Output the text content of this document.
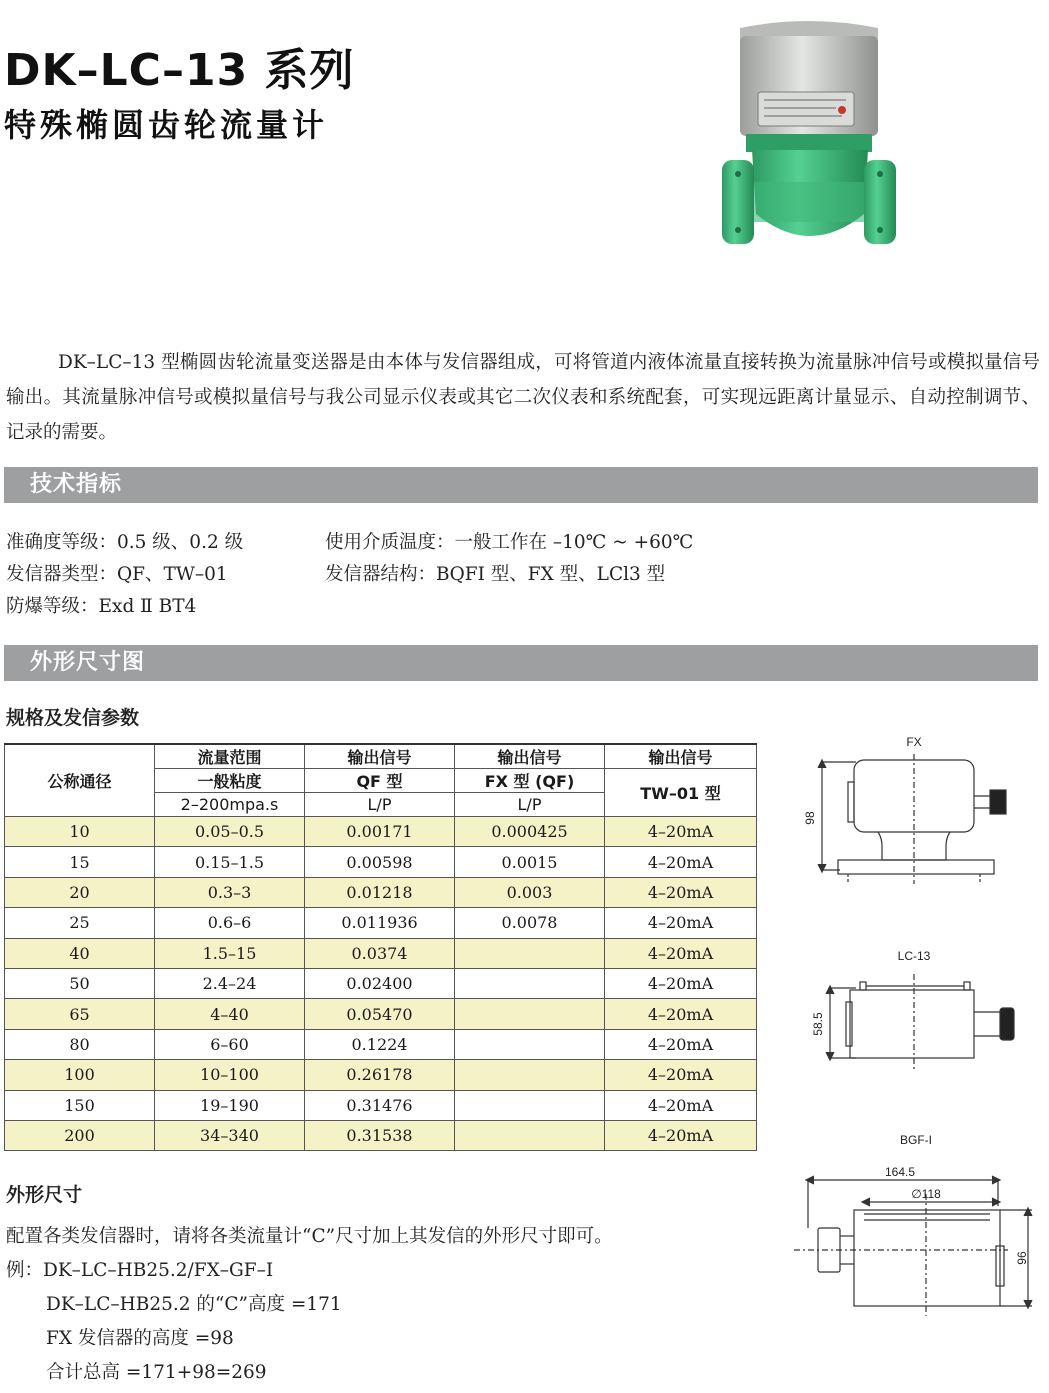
DK–LC–13 系列
特殊椭圆齿轮流量计
DK–LC–13 型椭圆齿轮流量变送器是由本体与发信器组成，可将管道内液体流量直接转换为流量脉冲信号或模拟量信号输出。其流量脉冲信号或模拟量信号与我公司显示仪表或其它二次仪表和系统配套，可实现远距离计量显示、自动控制调节、记录的需要。
技术指标
准确度等级：0.5 级、0.2 级
发信器类型：QF、TW–01
防爆等级：Exd Ⅱ BT4
使用介质温度：一般工作在 –10℃ ~ +60℃
发信器结构：BQFI 型、FX 型、LCl3 型
外形尺寸图
规格及发信参数
公称通径	流量范围	输出信号	输出信号	输出信号
	一般粘度	QF 型	FX 型 (QF)	TW–01 型
	2–200mpa.s	L/P	L/P	
10	0.05–0.5	0.00171	0.000425	4–20mA
15	0.15–1.5	0.00598	0.0015	4–20mA
20	0.3–3	0.01218	0.003	4–20mA
25	0.6–6	0.011936	0.0078	4–20mA
40	1.5–15	0.0374		4–20mA
50	2.4–24	0.02400		4–20mA
65	4–40	0.05470		4–20mA
80	6–60	0.1224		4–20mA
100	10–100	0.26178		4–20mA
150	19–190	0.31476		4–20mA
200	34–340	0.31538		4–20mA
FX
98
LC-13
58.5
BGF-I
164.5
∅118
96
外形尺寸
配置各类发信器时，请将各类流量计“C”尺寸加上其发信的外形尺寸即可。
例：DK–LC–HB25.2/FX–GF–I
DK–LC–HB25.2 的“C”高度 =171
FX 发信器的高度 =98
合计总高 =171+98=269
